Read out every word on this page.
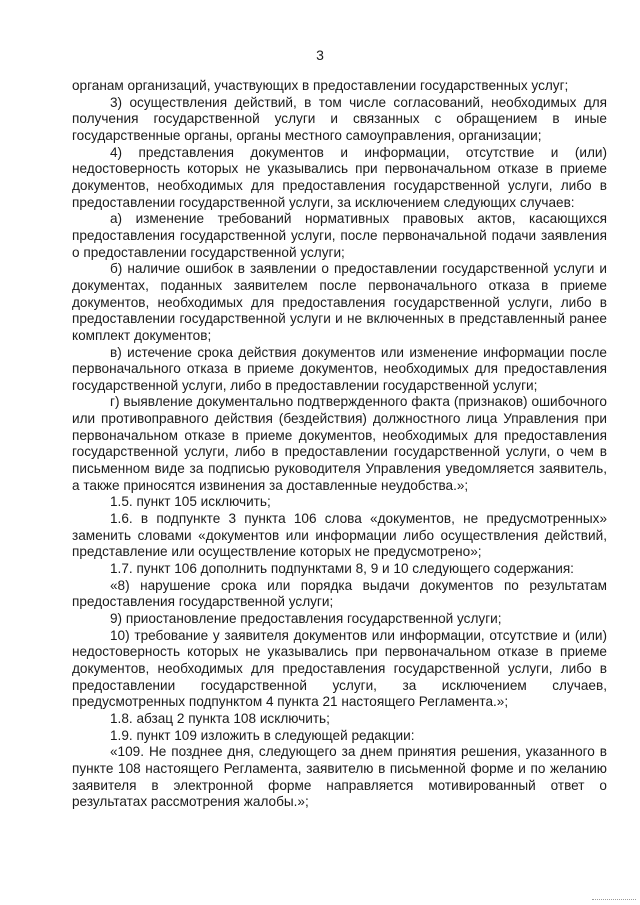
3

органам организаций, участвующих в предоставлении государственных услуг;

3) осуществления действий, в том числе согласований, необходимых для получения государственной услуги и связанных с обращением в иные государственные органы, органы местного самоуправления, организации;

4) представления документов и информации, отсутствие и (или) недостоверность которых не указывались при первоначальном отказе в приеме документов, необходимых для предоставления государственной услуги, либо в предоставлении государственной услуги, за исключением следующих случаев:

а) изменение требований нормативных правовых актов, касающихся предоставления государственной услуги, после первоначальной подачи заявления о предоставлении государственной услуги;

б) наличие ошибок в заявлении о предоставлении государственной услуги и документах, поданных заявителем после первоначального отказа в приеме документов, необходимых для предоставления государственной услуги, либо в предоставлении государственной услуги и не включенных в представленный ранее комплект документов;

в) истечение срока действия документов или изменение информации после первоначального отказа в приеме документов, необходимых для предоставления государственной услуги, либо в предоставлении государственной услуги;

г) выявление документально подтвержденного факта (признаков) ошибочного или противоправного действия (бездействия) должностного лица Управления при первоначальном отказе в приеме документов, необходимых для предоставления государственной услуги, либо в предоставлении государственной услуги, о чем в письменном виде за подписью руководителя Управления уведомляется заявитель, а также приносятся извинения за доставленные неудобства.»;

1.5. пункт 105 исключить;

1.6. в подпункте 3 пункта 106 слова «документов, не предусмотренных» заменить словами «документов или информации либо осуществления действий, представление или осуществление которых не предусмотрено»;

1.7. пункт 106 дополнить подпунктами 8, 9 и 10 следующего содержания:

«8) нарушение срока или порядка выдачи документов по результатам предоставления государственной услуги;

9) приостановление предоставления государственной услуги;

10) требование у заявителя документов или информации, отсутствие и (или) недостоверность которых не указывались при первоначальном отказе в приеме документов, необходимых для предоставления государственной услуги, либо в предоставлении государственной услуги, за исключением случаев, предусмотренных подпунктом 4 пункта 21 настоящего Регламента.»;

1.8. абзац 2 пункта 108 исключить;

1.9. пункт 109 изложить в следующей редакции:

«109. Не позднее дня, следующего за днем принятия решения, указанного в пункте 108 настоящего Регламента, заявителю в письменной форме и по желанию заявителя в электронной форме направляется мотивированный ответ о результатах рассмотрения жалобы.»;
